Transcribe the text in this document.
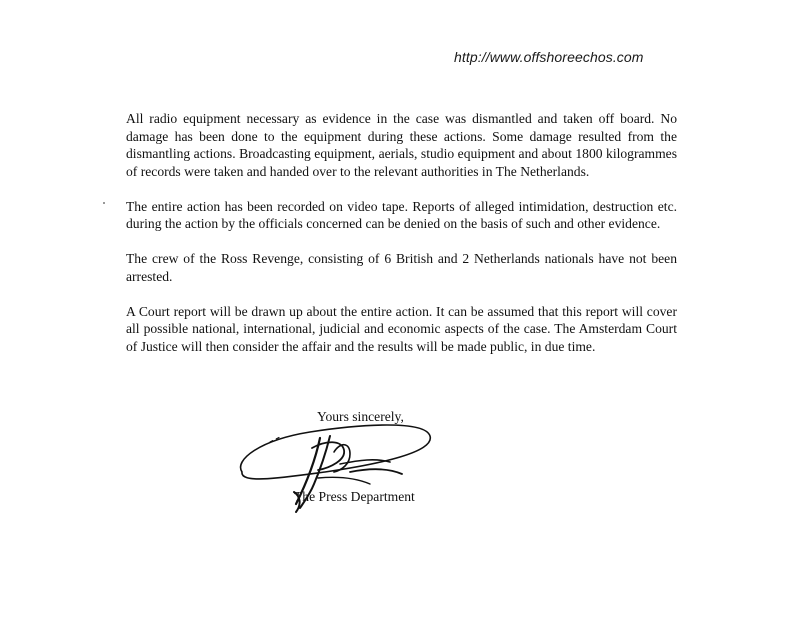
http://www.offshoreechos.com

All radio equipment necessary as evidence in the case was dismantled and taken off board. No damage has been done to the equipment during these actions. Some damage resulted from the dismantling actions. Broadcasting equipment, aerials, studio equipment and about 1800 kilogrammes of records were taken and handed over to the relevant authorities in The Netherlands.

The entire action has been recorded on video tape. Reports of alleged intimidation, destruction etc. during the action by the officials concerned can be denied on the basis of such and other evidence.

The crew of the Ross Revenge, consisting of 6 British and 2 Netherlands nationals have not been arrested.

A Court report will be drawn up about the entire action. It can be assumed that this report will cover all possible national, international, judicial and economic aspects of the case. The Amsterdam Court of Justice will then consider the affair and the results will be made public, in due time.

Yours sincerely,
The Press Department
